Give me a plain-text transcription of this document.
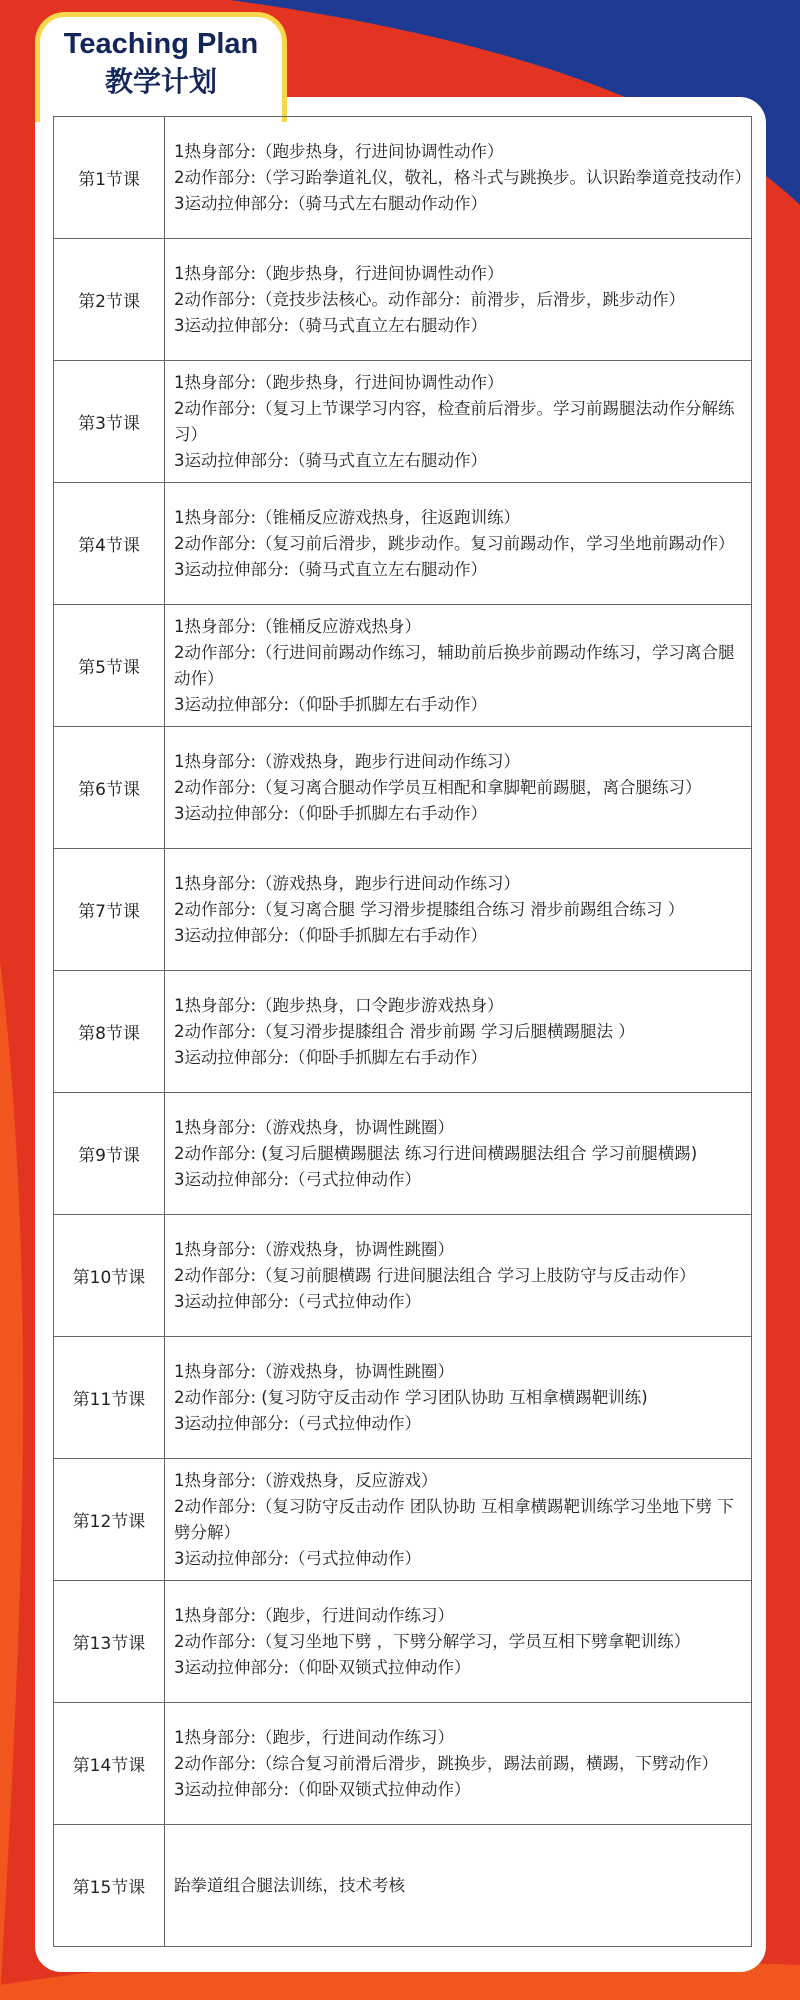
Teaching Plan
教学计划
第1节课	1热身部分:（跑步热身，行进间协调性动作）
2动作部分:（学习跆拳道礼仪，敬礼，格斗式与跳换步。认识跆拳道竞技动作）
3运动拉伸部分:（骑马式左右腿动作动作）

第2节课	1热身部分:（跑步热身，行进间协调性动作）
2动作部分:（竞技步法核心。动作部分：前滑步，后滑步，跳步动作）
3运动拉伸部分:（骑马式直立左右腿动作）

第3节课	1热身部分:（跑步热身，行进间协调性动作）
2动作部分:（复习上节课学习内容，检查前后滑步。学习前踢腿法动作分解练习）
3运动拉伸部分:（骑马式直立左右腿动作）

第4节课	1热身部分:（锥桶反应游戏热身，往返跑训练）
2动作部分:（复习前后滑步，跳步动作。复习前踢动作，学习坐地前踢动作）
3运动拉伸部分:（骑马式直立左右腿动作）

第5节课	1热身部分:（锥桶反应游戏热身）
2动作部分:（行进间前踢动作练习，辅助前后换步前踢动作练习，学习离合腿动作）
3运动拉伸部分:（仰卧手抓脚左右手动作）

第6节课	1热身部分:（游戏热身，跑步行进间动作练习）
2动作部分:（复习离合腿动作学员互相配和拿脚靶前踢腿，离合腿练习）
3运动拉伸部分:（仰卧手抓脚左右手动作）

第7节课	1热身部分:（游戏热身，跑步行进间动作练习）
2动作部分:（复习离合腿 学习滑步提膝组合练习 滑步前踢组合练习 ）
3运动拉伸部分:（仰卧手抓脚左右手动作）

第8节课	1热身部分:（跑步热身，口令跑步游戏热身）
2动作部分:（复习滑步提膝组合 滑步前踢 学习后腿横踢腿法 ）
3运动拉伸部分:（仰卧手抓脚左右手动作）

第9节课	1热身部分:（游戏热身，协调性跳圈）
2动作部分: (复习后腿横踢腿法 练习行进间横踢腿法组合 学习前腿横踢)
3运动拉伸部分:（弓式拉伸动作）

第10节课	1热身部分:（游戏热身，协调性跳圈）
2动作部分:（复习前腿横踢 行进间腿法组合 学习上肢防守与反击动作）
3运动拉伸部分:（弓式拉伸动作）

第11节课	1热身部分:（游戏热身，协调性跳圈）
2动作部分: (复习防守反击动作 学习团队协助 互相拿横踢靶训练)
3运动拉伸部分:（弓式拉伸动作）

第12节课	1热身部分:（游戏热身，反应游戏）
2动作部分:（复习防守反击动作 团队协助 互相拿横踢靶训练学习坐地下劈 下劈分解）
3运动拉伸部分:（弓式拉伸动作）

第13节课	1热身部分:（跑步，行进间动作练习）
2动作部分:（复习坐地下劈 ，下劈分解学习，学员互相下劈拿靶训练）
3运动拉伸部分:（仰卧双锁式拉伸动作）

第14节课	1热身部分:（跑步，行进间动作练习）
2动作部分:（综合复习前滑后滑步，跳换步，踢法前踢，横踢，下劈动作）
3运动拉伸部分:（仰卧双锁式拉伸动作）

第15节课	跆拳道组合腿法训练，技术考核
